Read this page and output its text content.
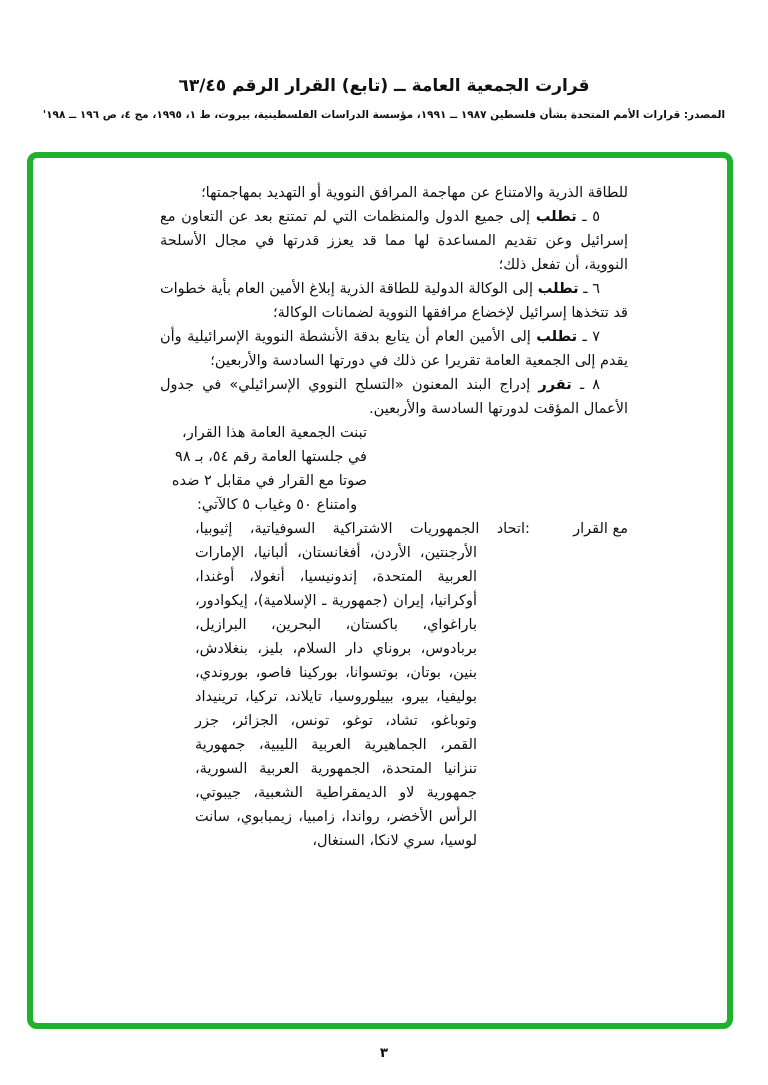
قرارت الجمعية العامة ــ (تابع) القرار الرقم ٦٣/٤٥
المصدر: قرارات الأمم المتحدة بشأن فلسطين ١٩٨٧ ــ ١٩٩١، مؤسسة الدراسات الفلسطينية، بيروت، ط ١، ١٩٩٥، مج ٤، ص ١٩٦ ــ ١٩٨'

للطاقة الذرية والامتناع عن مهاجمة المرافق النووية أو التهديد بمهاجمتها؛

٥ ـ تطلب إلى جميع الدول والمنظمات التي لم تمتنع بعد عن التعاون مع إسرائيل وعن تقديم المساعدة لها مما قد يعزز قدرتها في مجال الأسلحة النووية، أن تفعل ذلك؛

٦ ـ تطلب إلى الوكالة الدولية للطاقة الذرية إبلاغ الأمين العام بأية خطوات قد تتخذها إسرائيل لإخضاع مرافقها النووية لضمانات الوكالة؛

٧ ـ تطلب إلى الأمين العام أن يتابع بدقة الأنشطة النووية الإسرائيلية وأن يقدم إلى الجمعية العامة تقريرا عن ذلك في دورتها السادسة والأربعين؛

٨ ـ تقرر إدراج البند المعنون «التسلح النووي الإسرائيلي» في جدول الأعمال المؤقت لدورتها السادسة والأربعين.

تبنت الجمعية العامة هذا القرار،
في جلستها العامة رقم ٥٤، بـ ٩٨
صوتا مع القرار في مقابل ٢ ضده
وامتناع ٥٠ وغياب ٥ كالآتي:
مع القرار
:
اتحاد الجمهوريات الاشتراكية السوفياتية، إثيوبيا، الأرجنتين، الأردن، أفغانستان، ألبانيا، الإمارات العربية المتحدة، إندونيسيا، أنغولا، أوغندا، أوكرانيا، إيران (جمهورية ـ الإسلامية)، إيكوادور، باراغواي، باكستان، البحرين، البرازيل، بربادوس، بروناي دار السلام، بليز، بنغلادش، بنين، بوتان، بوتسوانا، بوركينا فاصو، بوروندي، بوليفيا، بيرو، بييلوروسيا، تايلاند، تركيا، ترينيداد وتوباغو، تشاد، توغو، تونس، الجزائر، جزر القمر، الجماهيرية العربية الليبية، جمهورية تنزانيا المتحدة، الجمهورية العربية السورية، جمهورية لاو الديمقراطية الشعبية، جيبوتي، الرأس الأخضر، رواندا، زامبيا، زيمبابوي، سانت لوسيا، سري لانكا، السنغال،
٣
